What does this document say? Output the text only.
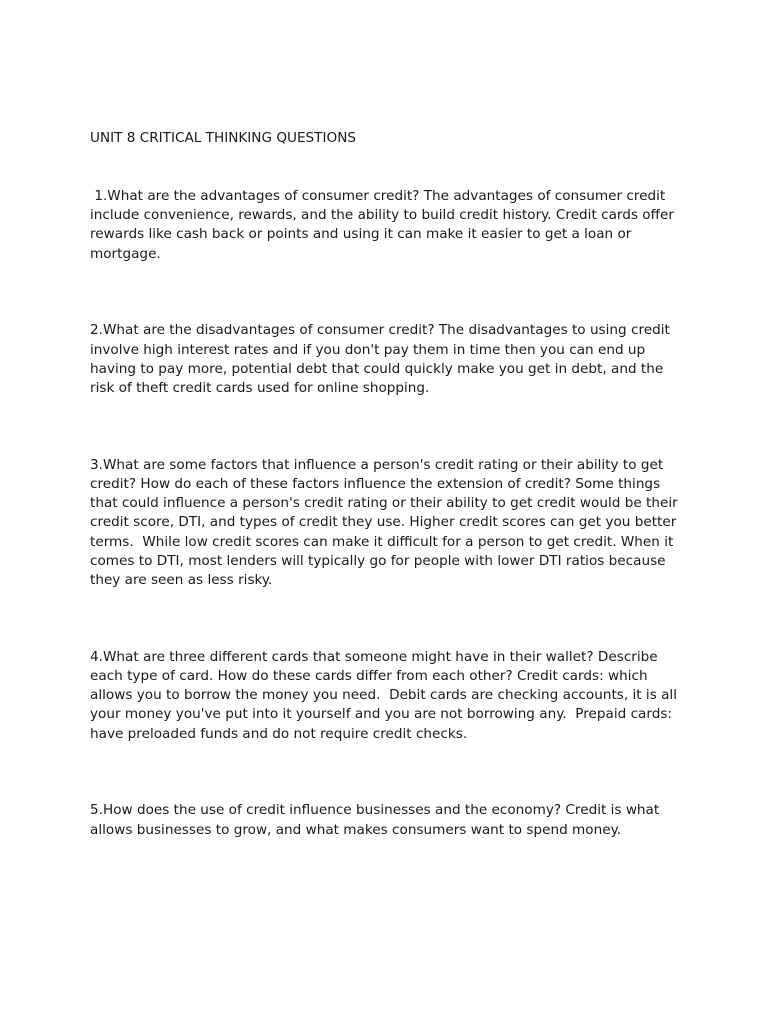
UNIT 8 CRITICAL THINKING QUESTIONS

1.What are the advantages of consumer credit? The advantages of consumer credit include convenience, rewards, and the ability to build credit history. Credit cards offer rewards like cash back or points and using it can make it easier to get a loan or mortgage.

2.What are the disadvantages of consumer credit? The disadvantages to using credit involve high interest rates and if you don't pay them in time then you can end up having to pay more, potential debt that could quickly make you get in debt, and the risk of theft credit cards used for online shopping.

3.What are some factors that influence a person's credit rating or their ability to get credit? How do each of these factors influence the extension of credit? Some things that could influence a person's credit rating or their ability to get credit would be their credit score, DTI, and types of credit they use. Higher credit scores can get you better terms.  While low credit scores can make it difficult for a person to get credit. When it comes to DTI, most lenders will typically go for people with lower DTI ratios because they are seen as less risky.

4.What are three different cards that someone might have in their wallet? Describe each type of card. How do these cards differ from each other? Credit cards: which allows you to borrow the money you need.  Debit cards are checking accounts, it is all your money you've put into it yourself and you are not borrowing any.  Prepaid cards: have preloaded funds and do not require credit checks.

5.How does the use of credit influence businesses and the economy? Credit is what allows businesses to grow, and what makes consumers want to spend money.
